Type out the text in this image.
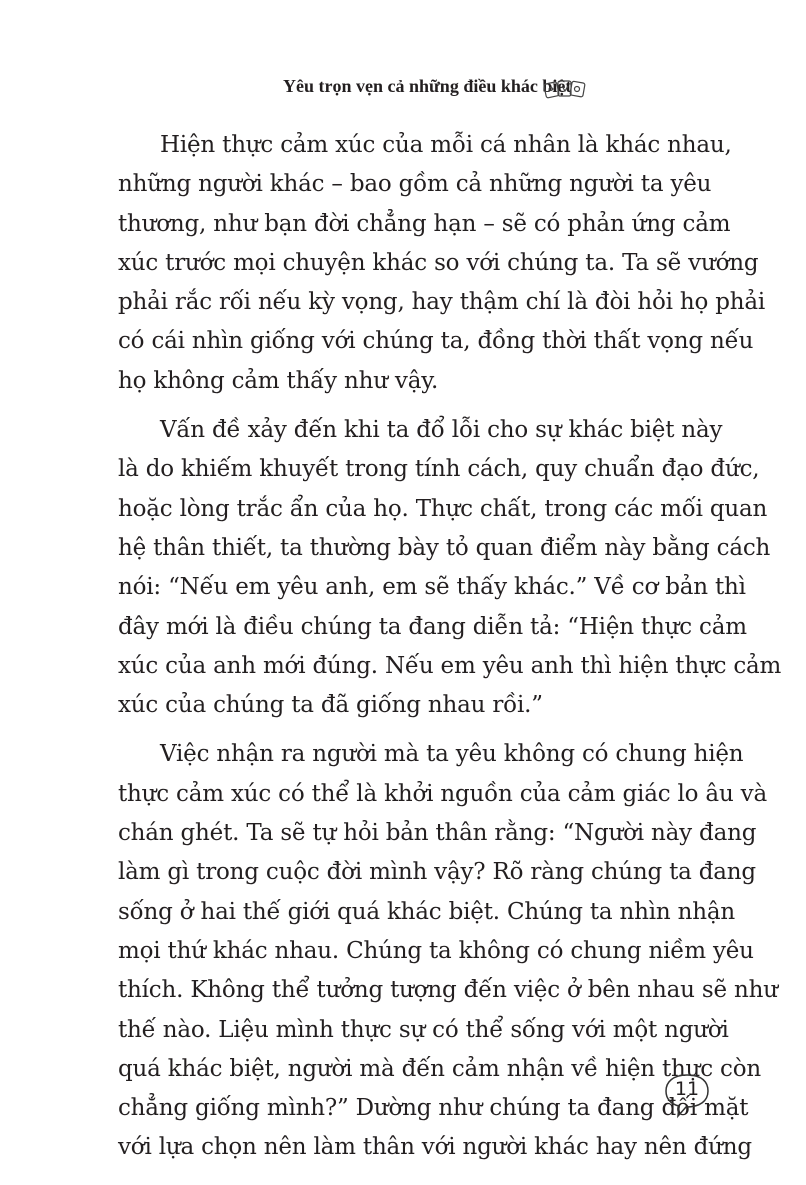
Yêu trọn vẹn cả những điều khác biệt
Hiện thực cảm xúc của mỗi cá nhân là khác nhau,
những người khác – bao gồm cả những người ta yêu
thương, như bạn đời chẳng hạn – sẽ có phản ứng cảm
xúc trước mọi chuyện khác so với chúng ta. Ta sẽ vướng
phải rắc rối nếu kỳ vọng, hay thậm chí là đòi hỏi họ phải
có cái nhìn giống với chúng ta, đồng thời thất vọng nếu
họ không cảm thấy như vậy.
Vấn đề xảy đến khi ta đổ lỗi cho sự khác biệt này
là do khiếm khuyết trong tính cách, quy chuẩn đạo đức,
hoặc lòng trắc ẩn của họ. Thực chất, trong các mối quan
hệ thân thiết, ta thường bày tỏ quan điểm này bằng cách
nói: “Nếu em yêu anh, em sẽ thấy khác.” Về cơ bản thì
đây mới là điều chúng ta đang diễn tả: “Hiện thực cảm
xúc của anh mới đúng. Nếu em yêu anh thì hiện thực cảm
xúc của chúng ta đã giống nhau rồi.”
Việc nhận ra người mà ta yêu không có chung hiện
thực cảm xúc có thể là khởi nguồn của cảm giác lo âu và
chán ghét. Ta sẽ tự hỏi bản thân rằng: “Người này đang
làm gì trong cuộc đời mình vậy? Rõ ràng chúng ta đang
sống ở hai thế giới quá khác biệt. Chúng ta nhìn nhận
mọi thứ khác nhau. Chúng ta không có chung niềm yêu
thích. Không thể tưởng tượng đến việc ở bên nhau sẽ như
thế nào. Liệu mình thực sự có thể sống với một người
quá khác biệt, người mà đến cảm nhận về hiện thực còn
chẳng giống mình?” Dường như chúng ta đang đối mặt
với lựa chọn nên làm thân với người khác hay nên đứng
11
